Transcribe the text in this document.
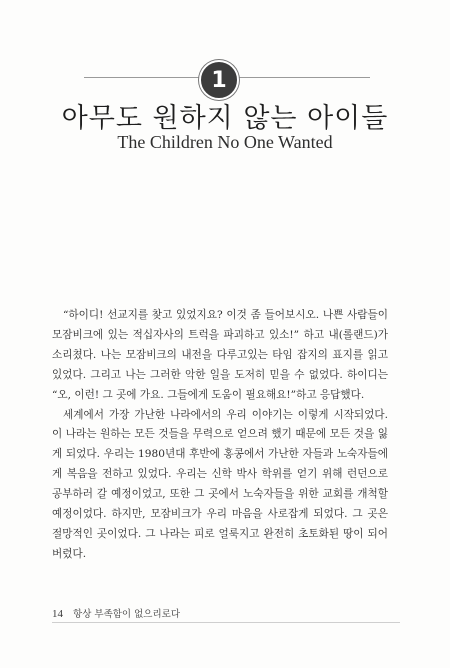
1
아무도 원하지 않는 아이들
The Children No One Wanted

“하이디! 선교지를 찾고 있었지요? 이것 좀 들어보시오. 나쁜 사람들이 모잠비크에 있는 적십자사의 트럭을 파괴하고 있소!” 하고 내(롤랜드)가 소리쳤다. 나는 모잠비크의 내전을 다루고있는 타임 잡지의 표지를 읽고 있었다. 그리고 나는 그러한 악한 일을 도저히 믿을 수 없었다. 하이디는 “오, 이런! 그 곳에 가요. 그들에게 도움이 필요해요!”하고 응답했다.

세계에서 가장 가난한 나라에서의 우리 이야기는 이렇게 시작되었다. 이 나라는 원하는 모든 것들을 무력으로 얻으려 했기 때문에 모든 것을 잃게 되었다. 우리는 1980년대 후반에 홍콩에서 가난한 자들과 노숙자들에게 복음을 전하고 있었다. 우리는 신학 박사 학위를 얻기 위해 런던으로 공부하러 갈 예정이었고, 또한 그 곳에서 노숙자들을 위한 교회를 개척할 예정이었다. 하지만, 모잠비크가 우리 마음을 사로잡게 되었다. 그 곳은 절망적인 곳이었다. 그 나라는 피로 얼룩지고 완전히 초토화된 땅이 되어버렸다.

14 항상 부족함이 없으리로다
